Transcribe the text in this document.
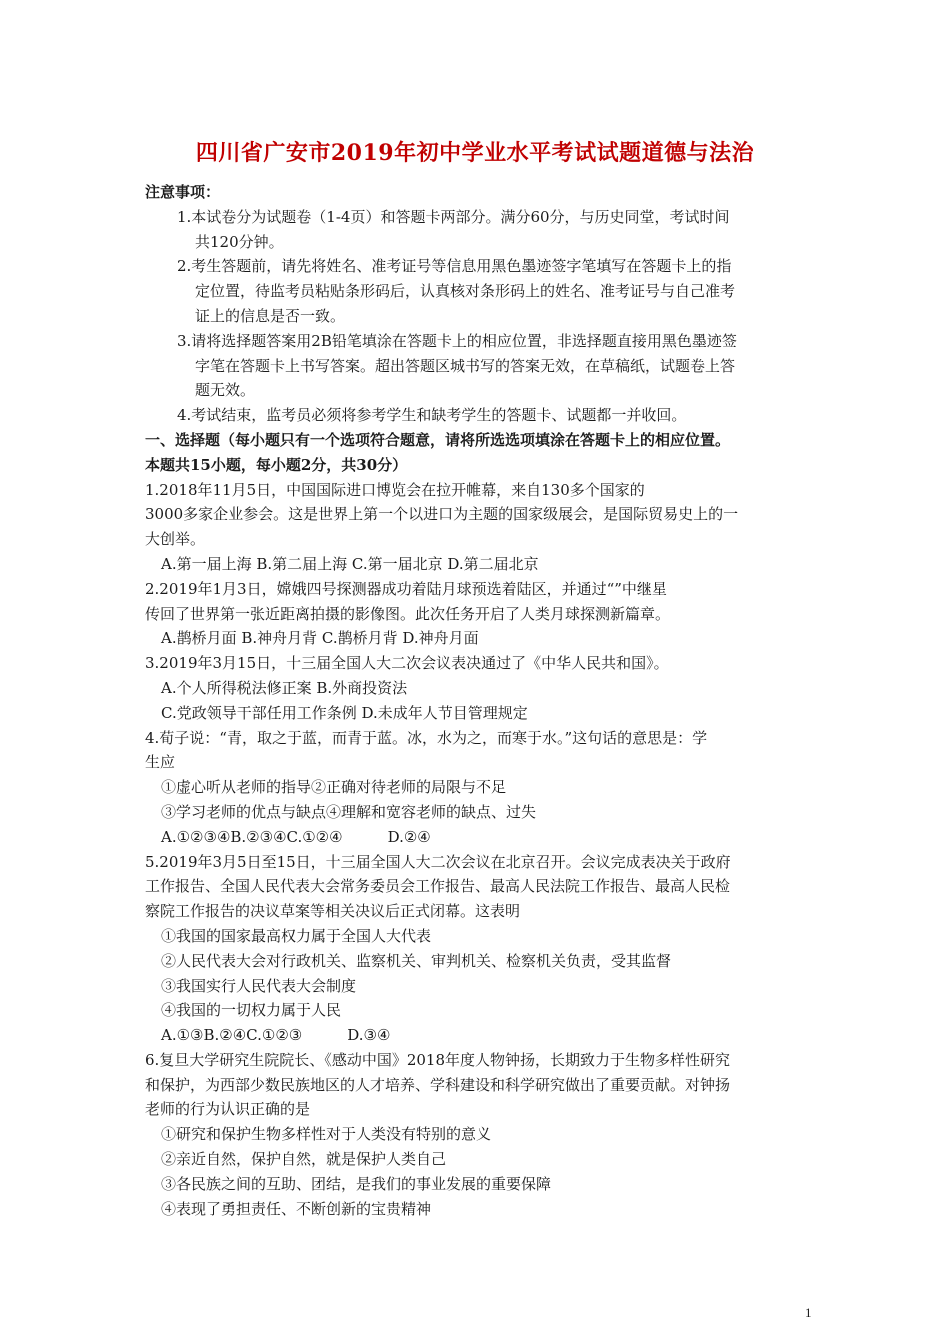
四川省广安市2019年初中学业水平考试试题道德与法治
注意事项：
1.本试卷分为试题卷（1-4页）和答题卡两部分。满分60分，与历史同堂，考试时间
共120分钟。
2.考生答题前，请先将姓名、准考证号等信息用黑色墨迹签字笔填写在答题卡上的指
定位置，待监考员粘贴条形码后，认真核对条形码上的姓名、准考证号与自己准考
证上的信息是否一致。
3.请将选择题答案用2B铅笔填涂在答题卡上的相应位置，非选择题直接用黑色墨迹签
字笔在答题卡上书写答案。超出答题区城书写的答案无效，在草稿纸，试题卷上答
题无效。
4.考试结束，监考员必须将参考学生和缺考学生的答题卡、试题都一并收回。
一、选择题（每小题只有一个选项符合题意，请将所选选项填涂在答题卡上的相应位置。
本题共15小题，每小题2分，共30分）
1.2018年11月5日，中国国际进口博览会在拉开帷幕，来自130多个国家的
3000多家企业参会。这是世界上第一个以进口为主题的国家级展会，是国际贸易史上的一
大创举。
A.第一届上海 B.第二届上海 C.第一届北京 D.第二届北京
2.2019年1月3日，嫦娥四号探测器成功着陆月球预选着陆区，并通过“”中继星
传回了世界第一张近距离拍摄的影像图。此次任务开启了人类月球探测新篇章。
A.鹊桥月面 B.神舟月背 C.鹊桥月背 D.神舟月面
3.2019年3月15日，十三届全国人大二次会议表决通过了《中华人民共和国》。
A.个人所得税法修正案 B.外商投资法
C.党政领导干部任用工作条例 D.未成年人节目管理规定
4.荀子说：“青，取之于蓝，而青于蓝。冰，水为之，而寒于水。”这句话的意思是：学
生应
①虚心听从老师的指导②正确对待老师的局限与不足
③学习老师的优点与缺点④理解和宽容老师的缺点、过失
A.①②③④B.②③④C.①②④　　　D.②④
5.2019年3月5日至15日，十三届全国人大二次会议在北京召开。会议完成表决关于政府
工作报告、全国人民代表大会常务委员会工作报告、最高人民法院工作报告、最高人民检
察院工作报告的决议草案等相关决议后正式闭幕。这表明
①我国的国家最高权力属于全国人大代表
②人民代表大会对行政机关、监察机关、审判机关、检察机关负责，受其监督
③我国实行人民代表大会制度
④我国的一切权力属于人民
A.①③B.②④C.①②③　　　D.③④
6.复旦大学研究生院院长、《感动中国》2018年度人物钟扬，长期致力于生物多样性研究
和保护，为西部少数民族地区的人才培养、学科建设和科学研究做出了重要贡献。对钟扬
老师的行为认识正确的是
①研究和保护生物多样性对于人类没有特别的意义
②亲近自然，保护自然，就是保护人类自己
③各民族之间的互助、团结，是我们的事业发展的重要保障
④表现了勇担责任、不断创新的宝贵精神
1
